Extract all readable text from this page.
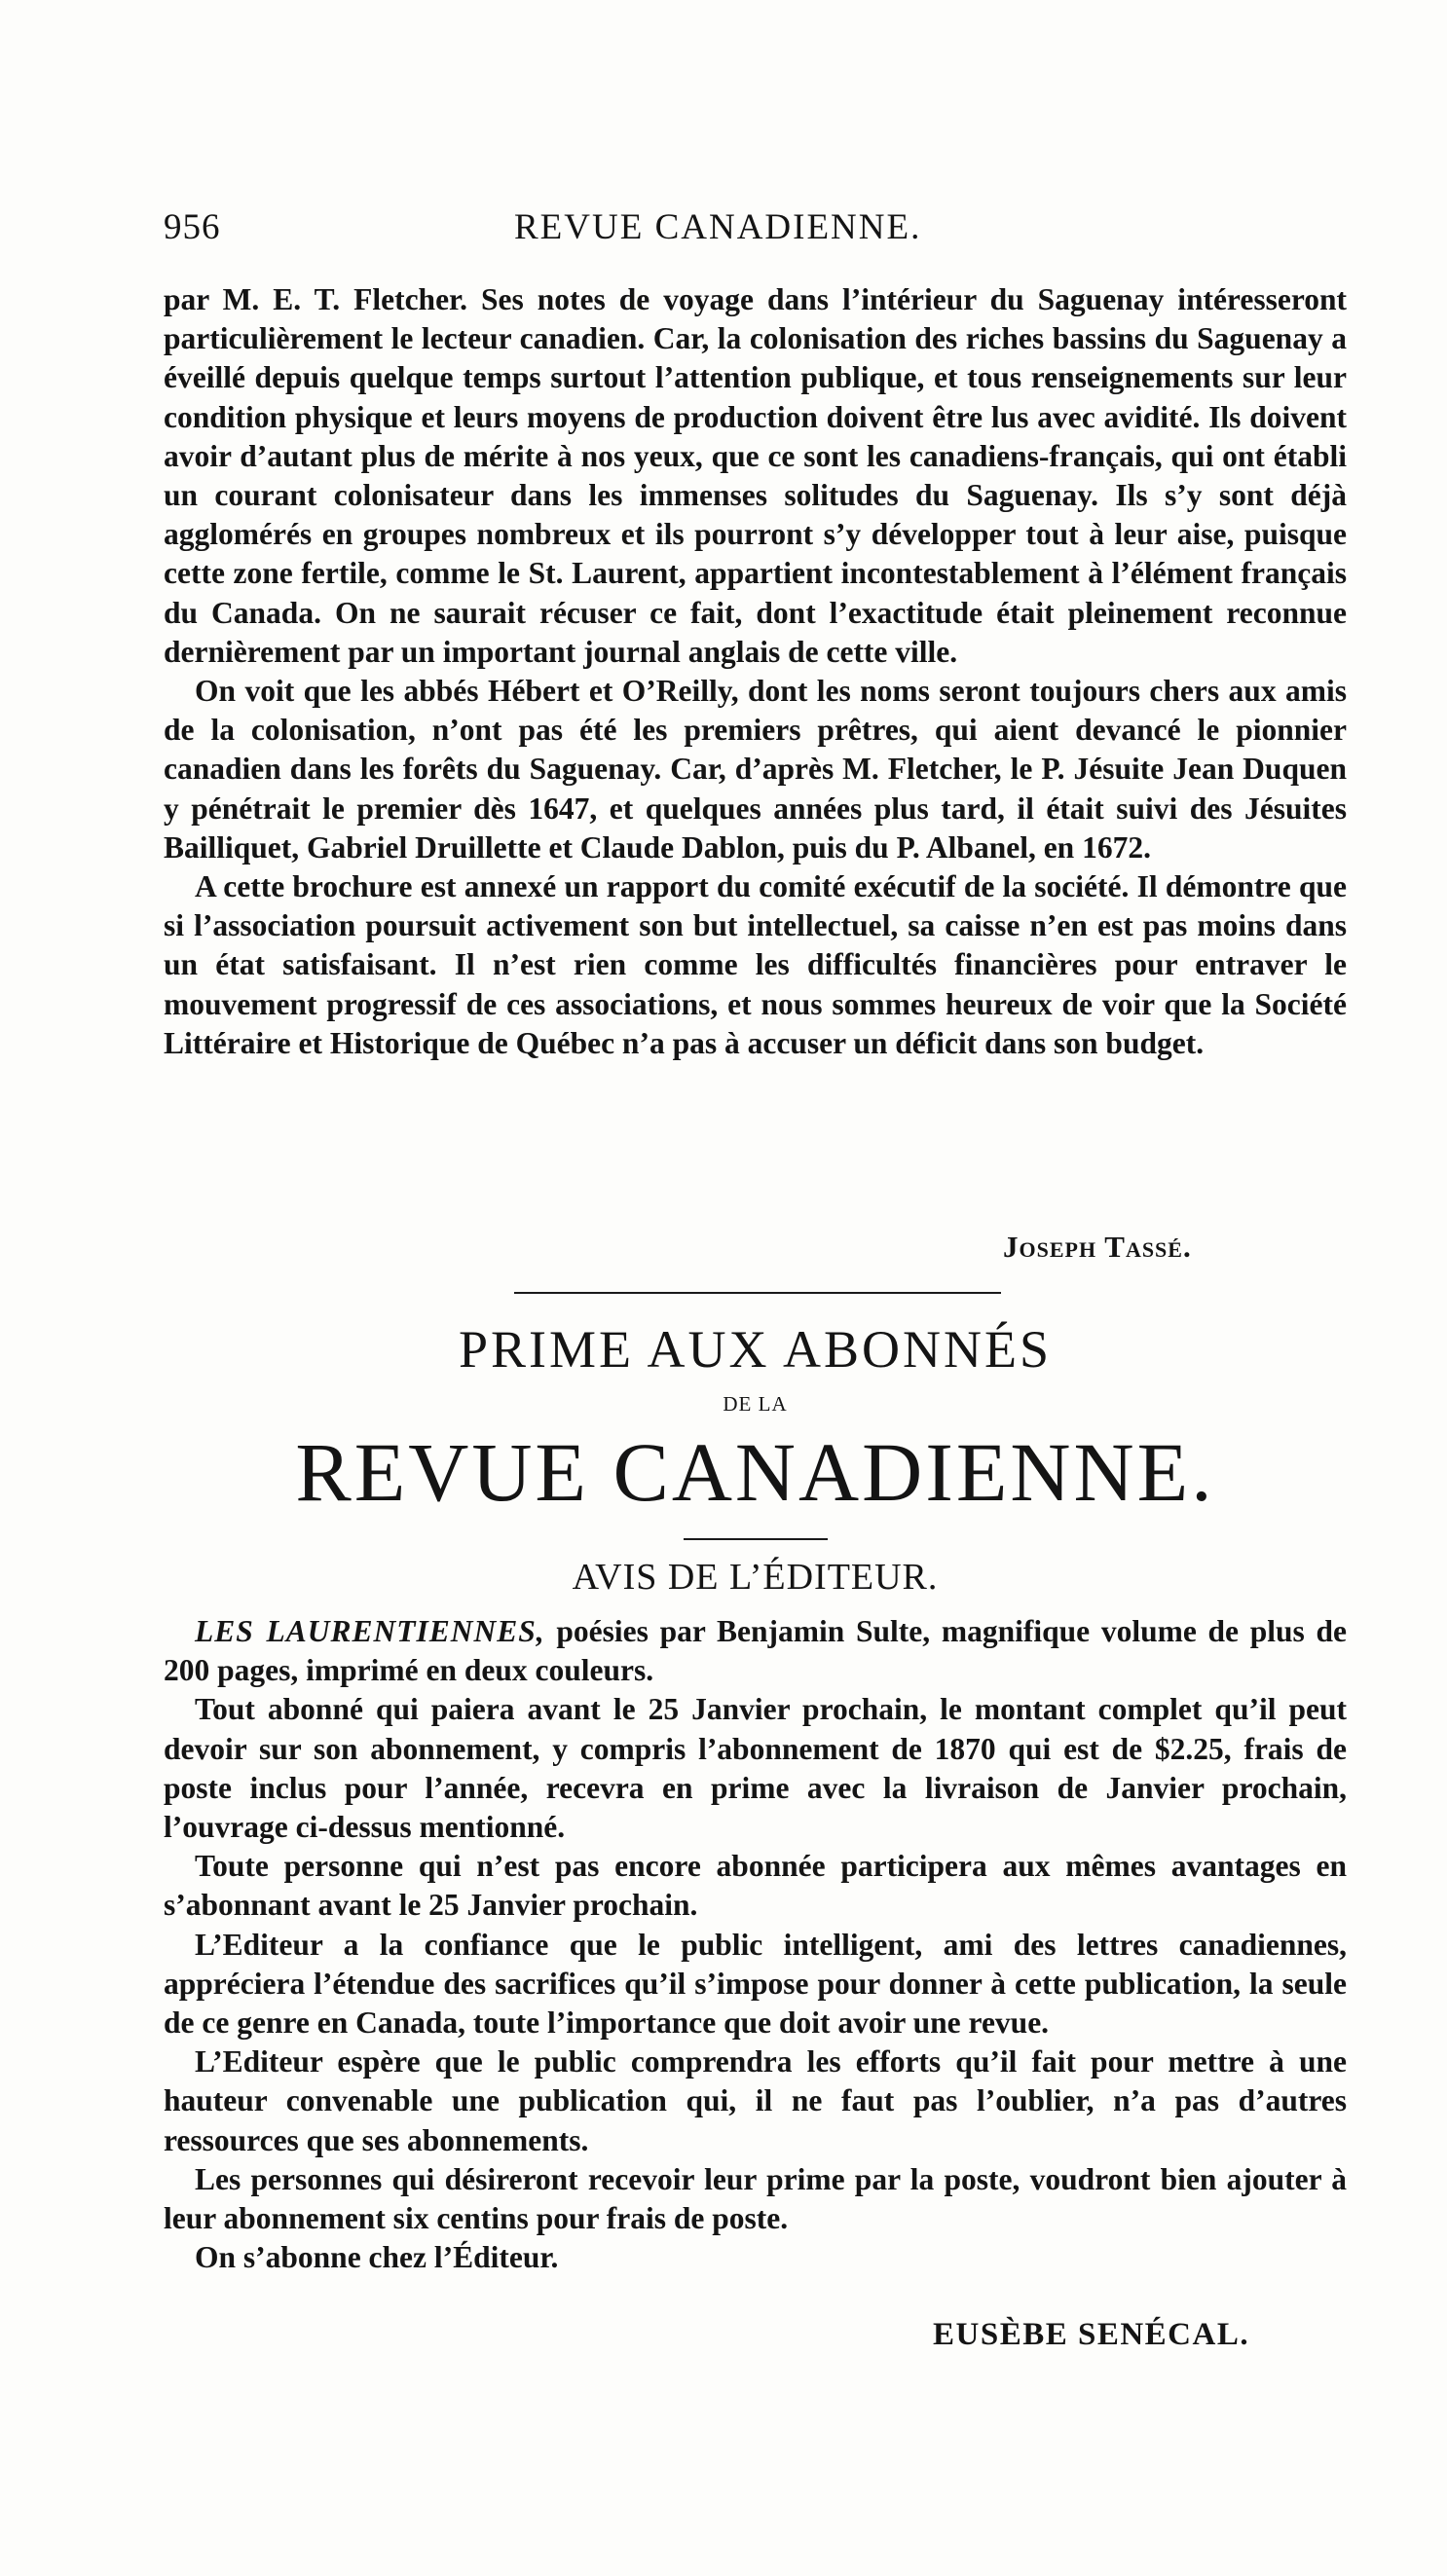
956	REVUE CANADIENNE.

par M. E. T. Fletcher. Ses notes de voyage dans l’intérieur du Saguenay intéresseront particulièrement le lecteur canadien. Car, la colonisation des riches bassins du Saguenay a éveillé depuis quelque temps surtout l’attention publique, et tous renseignements sur leur condition physique et leurs moyens de production doivent être lus avec avidité. Ils doivent avoir d’autant plus de mérite à nos yeux, que ce sont les canadiens-français, qui ont établi un courant colonisateur dans les immenses solitudes du Saguenay. Ils s’y sont déjà agglomérés en groupes nombreux et ils pourront s’y développer tout à leur aise, puisque cette zone fertile, comme le St. Laurent, appartient incontestablement à l’élément français du Canada. On ne saurait récuser ce fait, dont l’exactitude était pleinement reconnue dernièrement par un important journal anglais de cette ville.

On voit que les abbés Hébert et O’Reilly, dont les noms seront toujours chers aux amis de la colonisation, n’ont pas été les premiers prêtres, qui aient devancé le pionnier canadien dans les forêts du Saguenay. Car, d’après M. Fletcher, le P. Jésuite Jean Duquen y pénétrait le premier dès 1647, et quelques années plus tard, il était suivi des Jésuites Bailliquet, Gabriel Druillette et Claude Dablon, puis du P. Albanel, en 1672.

A cette brochure est annexé un rapport du comité exécutif de la société. Il démontre que si l’association poursuit activement son but intellectuel, sa caisse n’en est pas moins dans un état satisfaisant. Il n’est rien comme les difficultés financières pour entraver le mouvement progressif de ces associations, et nous sommes heureux de voir que la Société Littéraire et Historique de Québec n’a pas à accuser un déficit dans son budget.

Joseph Tassé.
PRIME AUX ABONNÉS
DE LA
REVUE CANADIENNE.
AVIS DE L’ÉDITEUR.

LES LAURENTIENNES, poésies par Benjamin Sulte, magnifique volume de plus de 200 pages, imprimé en deux couleurs.

Tout abonné qui paiera avant le 25 Janvier prochain, le montant complet qu’il peut devoir sur son abonnement, y compris l’abonnement de 1870 qui est de $2.25, frais de poste inclus pour l’année, recevra en prime avec la livraison de Janvier prochain, l’ouvrage ci-dessus mentionné.

Toute personne qui n’est pas encore abonnée participera aux mêmes avantages en s’abonnant avant le 25 Janvier prochain.

L’Editeur a la confiance que le public intelligent, ami des lettres canadiennes, appréciera l’étendue des sacrifices qu’il s’impose pour donner à cette publication, la seule de ce genre en Canada, toute l’importance que doit avoir une revue.

L’Editeur espère que le public comprendra les efforts qu’il fait pour mettre à une hauteur convenable une publication qui, il ne faut pas l’oublier, n’a pas d’autres ressources que ses abonnements.

Les personnes qui désireront recevoir leur prime par la poste, voudront bien ajouter à leur abonnement six centins pour frais de poste.

On s’abonne chez l’Éditeur.

EUSÈBE SENÉCAL.
